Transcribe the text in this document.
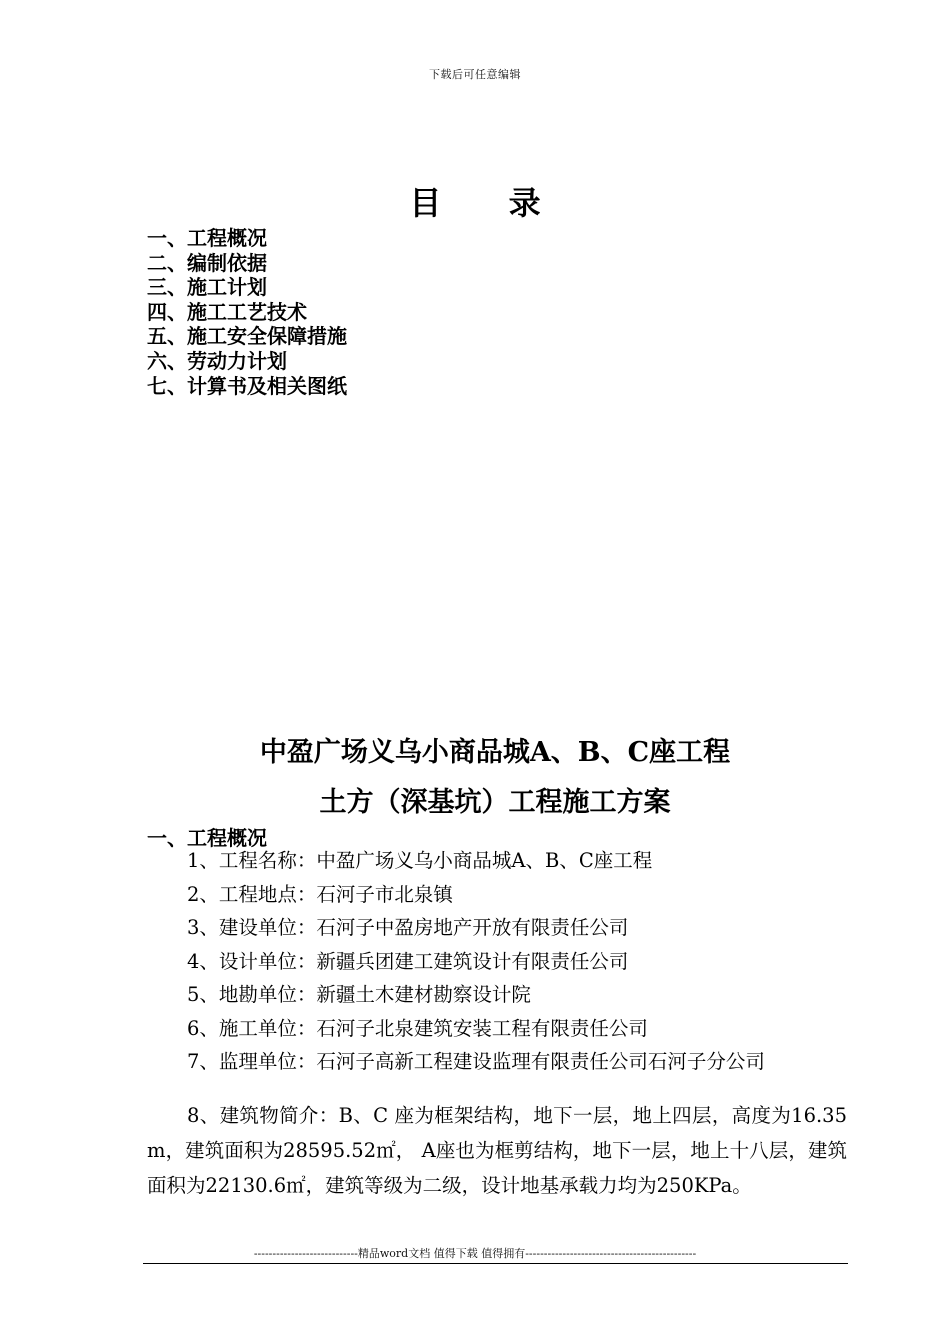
下载后可任意编辑
目 录
一、工程概况
二、编制依据
三、施工计划
四、施工工艺技术
五、施工安全保障措施
六、劳动力计划
七、计算书及相关图纸
中盈广场义乌小商品城A、B、C座工程
土方（深基坑）工程施工方案
一、工程概况
1、工程名称：中盈广场义乌小商品城A、B、C座工程
2、工程地点：石河子市北泉镇
3、建设单位：石河子中盈房地产开放有限责任公司
4、设计单位：新疆兵团建工建筑设计有限责任公司
5、地勘单位：新疆土木建材勘察设计院
6、施工单位：石河子北泉建筑安装工程有限责任公司
7、监理单位：石河子高新工程建设监理有限责任公司石河子分公司

8、建筑物简介：B、C 座为框架结构，地下一层，地上四层，高度为16.35m，建筑面积为28595.52㎡， A座也为框剪结构，地下一层，地上十八层，建筑面积为22130.6㎡，建筑等级为二级，设计地基承载力均为250KPa。

----------------------------精品word文档 值得下载 值得拥有----------------------------------------------
